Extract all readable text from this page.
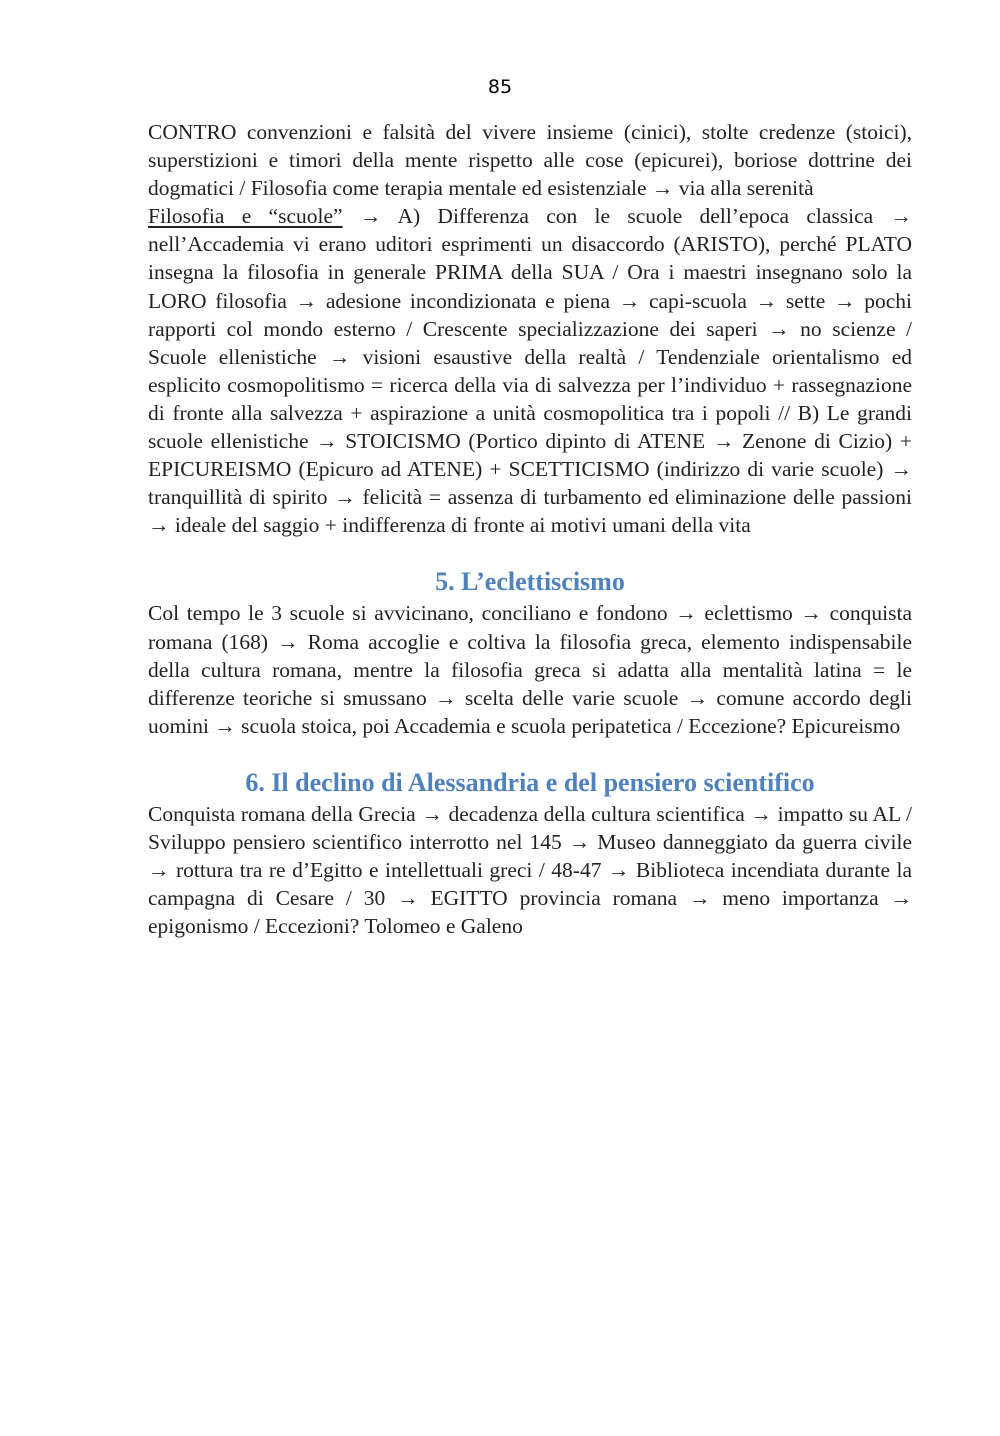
85

CONTRO convenzioni e falsità del vivere insieme (cinici), stolte credenze (stoici), superstizioni e timori della mente rispetto alle cose (epicurei), boriose dottrine dei dogmatici / Filosofia come terapia mentale ed esistenziale → via alla serenità

Filosofia e “scuole” → A) Differenza con le scuole dell’epoca classica → nell’Accademia vi erano uditori esprimenti un disaccordo (ARISTO), perché PLATO insegna la filosofia in generale PRIMA della SUA / Ora i maestri insegnano solo la LORO filosofia → adesione incondizionata e piena → capi-scuola → sette → pochi rapporti col mondo esterno / Crescente specializzazione dei saperi → no scienze / Scuole ellenistiche → visioni esaustive della realtà / Tendenziale orientalismo ed esplicito cosmopolitismo = ricerca della via di salvezza per l’individuo + rassegnazione di fronte alla salvezza + aspirazione a unità cosmopolitica tra i popoli // B) Le grandi scuole ellenistiche → STOICISMO (Portico dipinto di ATENE → Zenone di Cizio) + EPICUREISMO (Epicuro ad ATENE) + SCETTICISMO (indirizzo di varie scuole) → tranquillità di spirito → felicità = assenza di turbamento ed eliminazione delle passioni → ideale del saggio + indifferenza di fronte ai motivi umani della vita

5. L’eclettiscismo

Col tempo le 3 scuole si avvicinano, conciliano e fondono → eclettismo → conquista romana (168) → Roma accoglie e coltiva la filosofia greca, elemento indispensabile della cultura romana, mentre la filosofia greca si adatta alla mentalità latina = le differenze teoriche si smussano → scelta delle varie scuole → comune accordo degli uomini → scuola stoica, poi Accademia e scuola peripatetica / Eccezione? Epicureismo

6. Il declino di Alessandria e del pensiero scientifico

Conquista romana della Grecia → decadenza della cultura scientifica → impatto su AL / Sviluppo pensiero scientifico interrotto nel 145 → Museo danneggiato da guerra civile → rottura tra re d’Egitto e intellettuali greci / 48-47 → Biblioteca incendiata durante la campagna di Cesare / 30 → EGITTO provincia romana → meno importanza → epigonismo / Eccezioni? Tolomeo e Galeno
